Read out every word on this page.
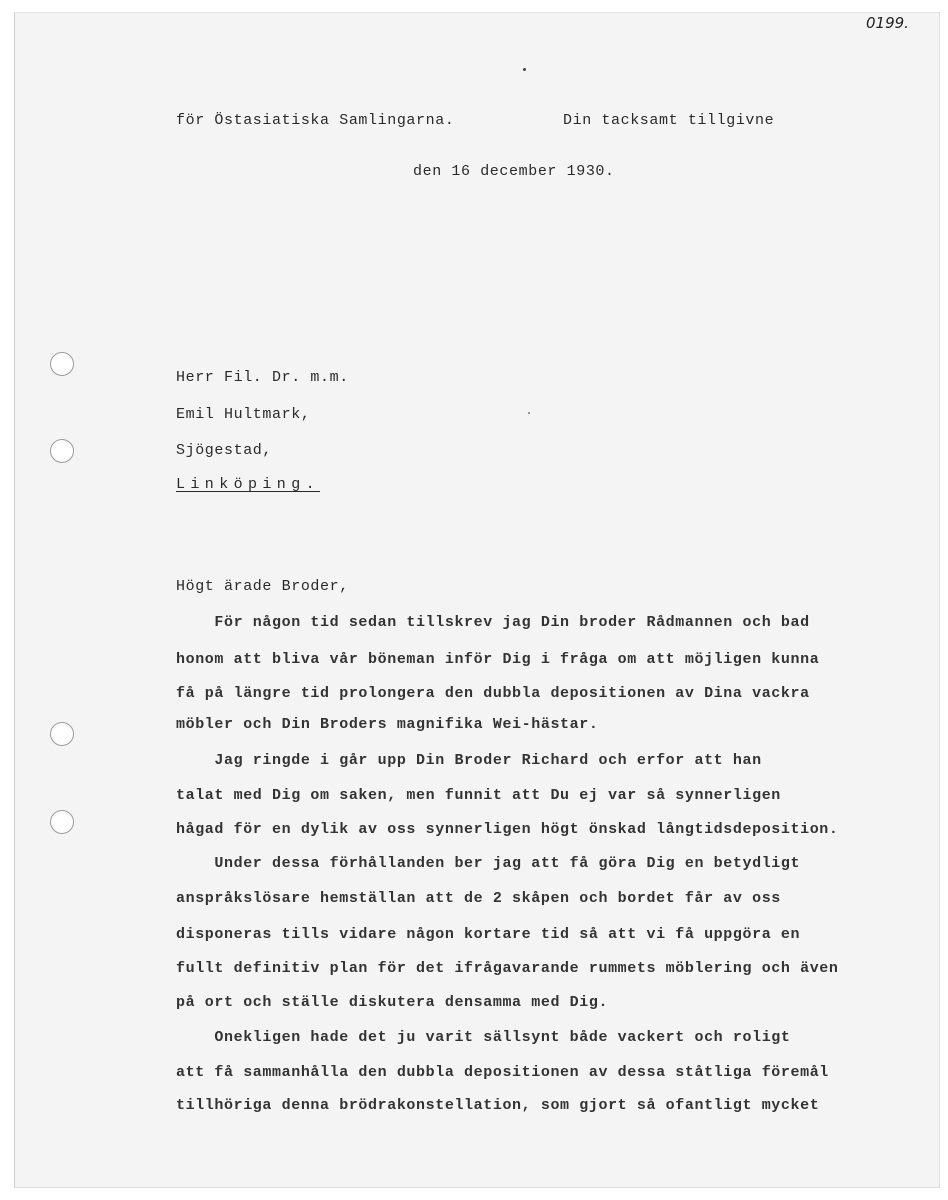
0199.
för Östasiatiska Samlingarna.	Din tacksamt tillgivne
den 16 december 1930.
Herr Fil. Dr. m.m.
Emil Hultmark,
Sjögestad,
Linköping.
Högt ärade Broder,
För någon tid sedan tillskrev jag Din broder Rådmannen och bad
honom att bliva vår böneman inför Dig i fråga om att möjligen kunna
få på längre tid prolongera den dubbla depositionen av Dina vackra
möbler och Din Broders magnifika Wei-hästar.
Jag ringde i går upp Din Broder Richard och erfor att han
talat med Dig om saken, men funnit att Du ej var så synnerligen
hågad för en dylik av oss synnerligen högt önskad långtidsdeposition.
Under dessa förhållanden ber jag att få göra Dig en betydligt
anspråkslösare hemställan att de 2 skåpen och bordet får av oss
disponeras tills vidare någon kortare tid så att vi få uppgöra en
fullt definitiv plan för det ifrågavarande rummets möblering och även
på ort och ställe diskutera densamma med Dig.
Onekligen hade det ju varit sällsynt både vackert och roligt
att få sammanhålla den dubbla depositionen av dessa ståtliga föremål
tillhöriga denna brödrakonstellation, som gjort så ofantligt mycket
